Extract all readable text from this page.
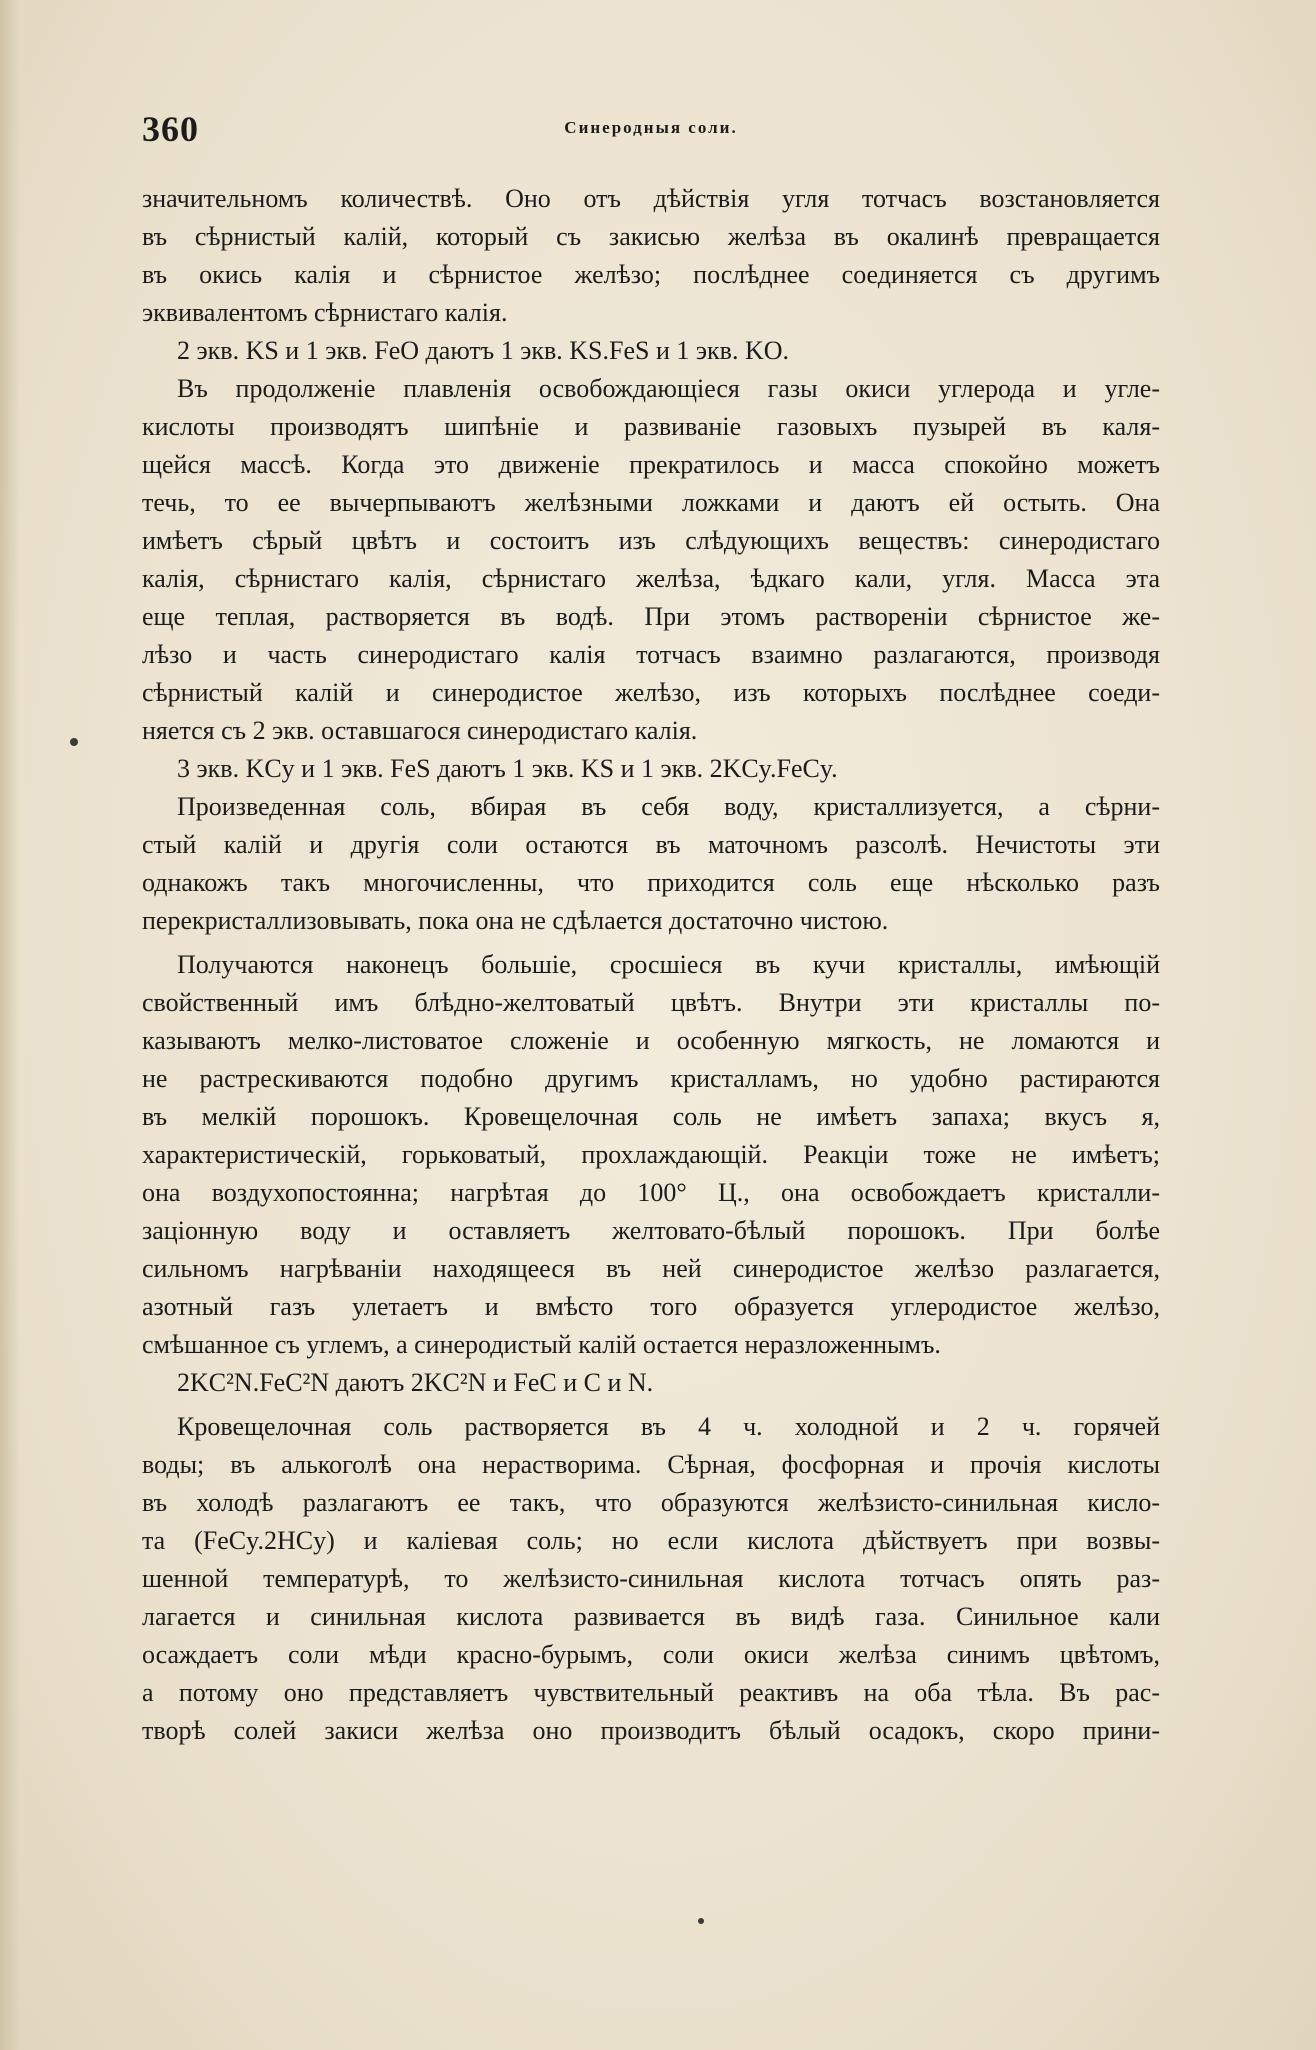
360	Синеродныя соли.
значительномъ количествѣ. Оно отъ дѣйствія угля тотчасъ возстановляется
въ сѣрнистый калій, который съ закисью желѣза въ окалинѣ превращается
въ окись калія и сѣрнистое желѣзо; послѣднее соединяется съ другимъ
эквивалентомъ сѣрнистаго калія.
2 экв. KS и 1 экв. FeO даютъ 1 экв. KS.FeS и 1 экв. KO.
Въ продолженіе плавленія освобождающіеся газы окиси углерода и угле-
кислоты производятъ шипѣніе и развиваніе газовыхъ пузырей въ каля-
щейся массѣ. Когда это движеніе прекратилось и масса спокойно можетъ
течь, то ее вычерпываютъ желѣзными ложками и даютъ ей остыть. Она
имѣетъ сѣрый цвѣтъ и состоитъ изъ слѣдующихъ веществъ: синеродистаго
калія, сѣрнистаго калія, сѣрнистаго желѣза, ѣдкаго кали, угля. Масса эта
еще теплая, растворяется въ водѣ. При этомъ раствореніи сѣрнистое же-
лѣзо и часть синеродистаго калія тотчасъ взаимно разлагаются, производя
сѣрнистый калій и синеродистое желѣзо, изъ которыхъ послѣднее соеди-
няется съ 2 экв. оставшагося синеродистаго калія.
3 экв. KCy и 1 экв. FeS даютъ 1 экв. KS и 1 экв. 2KCy.FeCy.
Произведенная соль, вбирая въ себя воду, кристаллизуется, а сѣрни-
стый калій и другія соли остаются въ маточномъ разсолѣ. Нечистоты эти
однакожъ такъ многочисленны, что приходится соль еще нѣсколько разъ
перекристаллизовывать, пока она не сдѣлается достаточно чистою.
Получаются наконецъ большіе, сросшіеся въ кучи кристаллы, имѣющій
свойственный имъ блѣдно-желтоватый цвѣтъ. Внутри эти кристаллы по-
казываютъ мелко-листоватое сложеніе и особенную мягкость, не ломаются и
не растрескиваются подобно другимъ кристалламъ, но удобно растираются
въ мелкій порошокъ. Кровещелочная соль не имѣетъ запаха; вкусъ я,
характеристическій, горьковатый, прохлаждающій. Реакціи тоже не имѣетъ;
она воздухопостоянна; нагрѣтая до 100° Ц., она освобождаетъ кристалли-
заціонную воду и оставляетъ желтовато-бѣлый порошокъ. При болѣе
сильномъ нагрѣваніи находящееся въ ней синеродистое желѣзо разлагается,
азотный газъ улетаетъ и вмѣсто того образуется углеродистое желѣзо,
смѣшанное съ углемъ, а синеродистый калій остается неразложеннымъ.
2KC²N.FeC²N даютъ 2KC²N и FeC и C и N.
Кровещелочная соль растворяется въ 4 ч. холодной и 2 ч. горячей
воды; въ алькоголѣ она нерастворима. Сѣрная, фосфорная и прочія кислоты
въ холодѣ разлагаютъ ее такъ, что образуются желѣзисто-синильная кисло-
та (FeCy.2HCy) и каліевая соль; но если кислота дѣйствуетъ при возвы-
шенной температурѣ, то желѣзисто-синильная кислота тотчасъ опять раз-
лагается и синильная кислота развивается въ видѣ газа. Синильное кали
осаждаетъ соли мѣди красно-бурымъ, соли окиси желѣза синимъ цвѣтомъ,
а потому оно представляетъ чувствительный реактивъ на оба тѣла. Въ рас-
творѣ солей закиси желѣза оно производитъ бѣлый осадокъ, скоро прини-
